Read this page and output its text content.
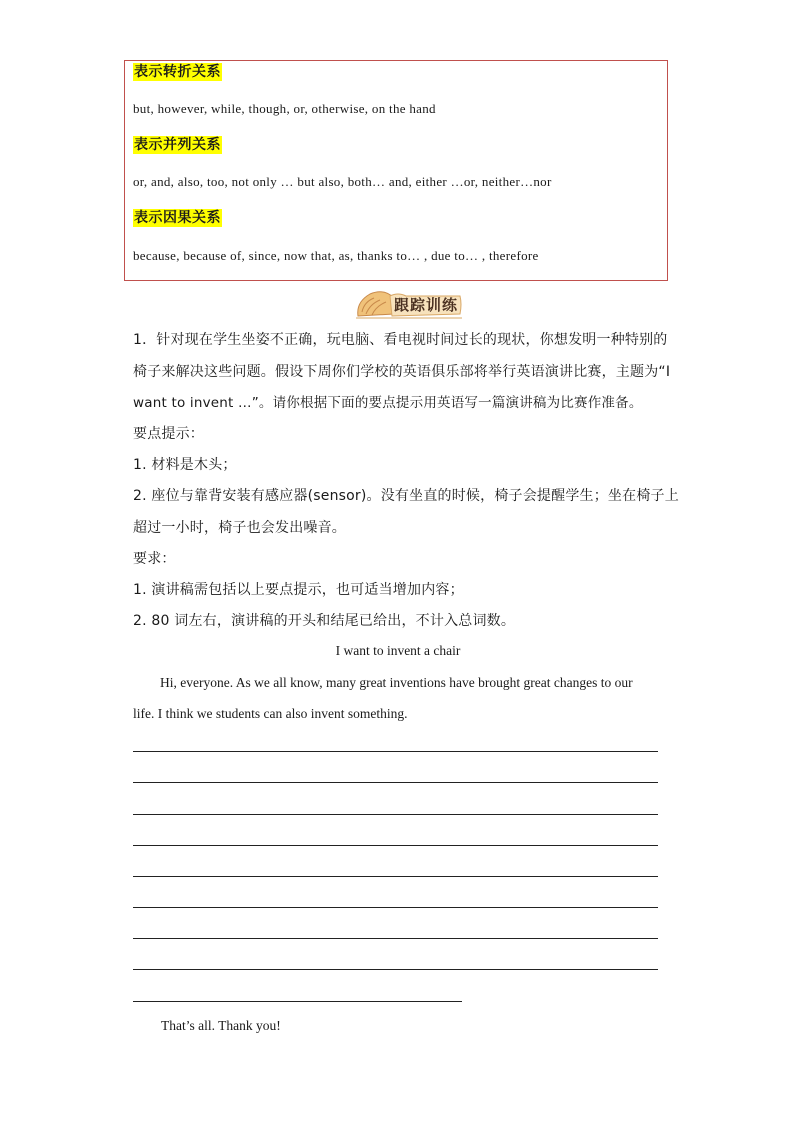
表示转折关系
but, however, while, though, or, otherwise, on the hand
表示并列关系
or, and, also, too, not only … but also, both… and, either …or, neither…nor
表示因果关系
because, because of, since, now that, as, thanks to… , due to… , therefore
跟踪训练
1．针对现在学生坐姿不正确，玩电脑、看电视时间过长的现状，你想发明一种特别的
椅子来解决这些问题。假设下周你们学校的英语俱乐部将举行英语演讲比赛，主题为“I
want to invent …”。请你根据下面的要点提示用英语写一篇演讲稿为比赛作准备。
要点提示：
1. 材料是木头；
2. 座位与靠背安装有感应器(sensor)。没有坐直的时候，椅子会提醒学生；坐在椅子上
超过一小时，椅子也会发出噪音。
要求：
1. 演讲稿需包括以上要点提示，也可适当增加内容；
2. 80 词左右，演讲稿的开头和结尾已给出，不计入总词数。
I want to invent a chair
Hi, everyone. As we all know, many great inventions have brought great changes to our
life. I think we students can also invent something.
That’s all. Thank you!
